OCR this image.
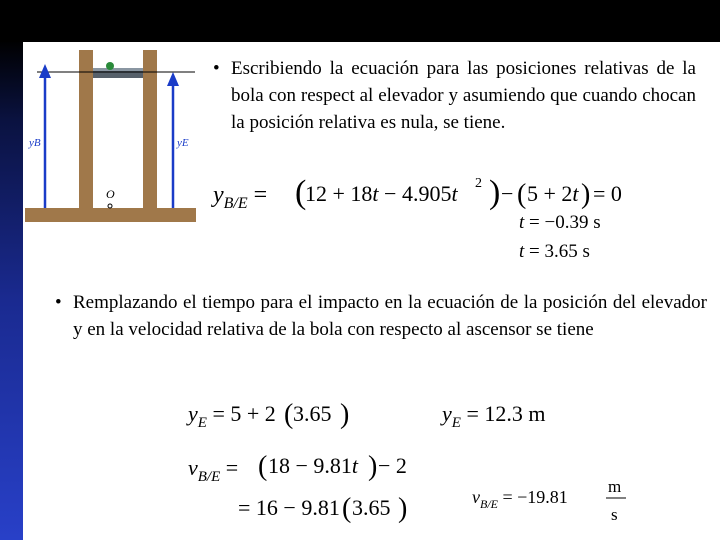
yB	yE
O
• Escribiendo la ecuación para las posiciones relativas de la bola con respect al elevador y asumiendo que cuando chocan la posición relativa es nula, se tiene.

$y_{B/E}$ = (
12 + 18t − 4.905t 2 ) − ( 5 + 2t ) = 0
t = −0.39 s
t = 3.65 s
• Remplazando el tiempo para el impacto en la ecuación de la posición del elevador y en la velocidad relativa de la bola con respecto al ascensor se tiene

$y_E = 5 + 2$ ( 3.65 )	$y_E = 12.3$ m
$v_{B/E}$ = ( 18 − 9.81t ) − 2
= 16 − 9.81 ( 3.65 )	$v_{B/E} = -19.81$
m
s
